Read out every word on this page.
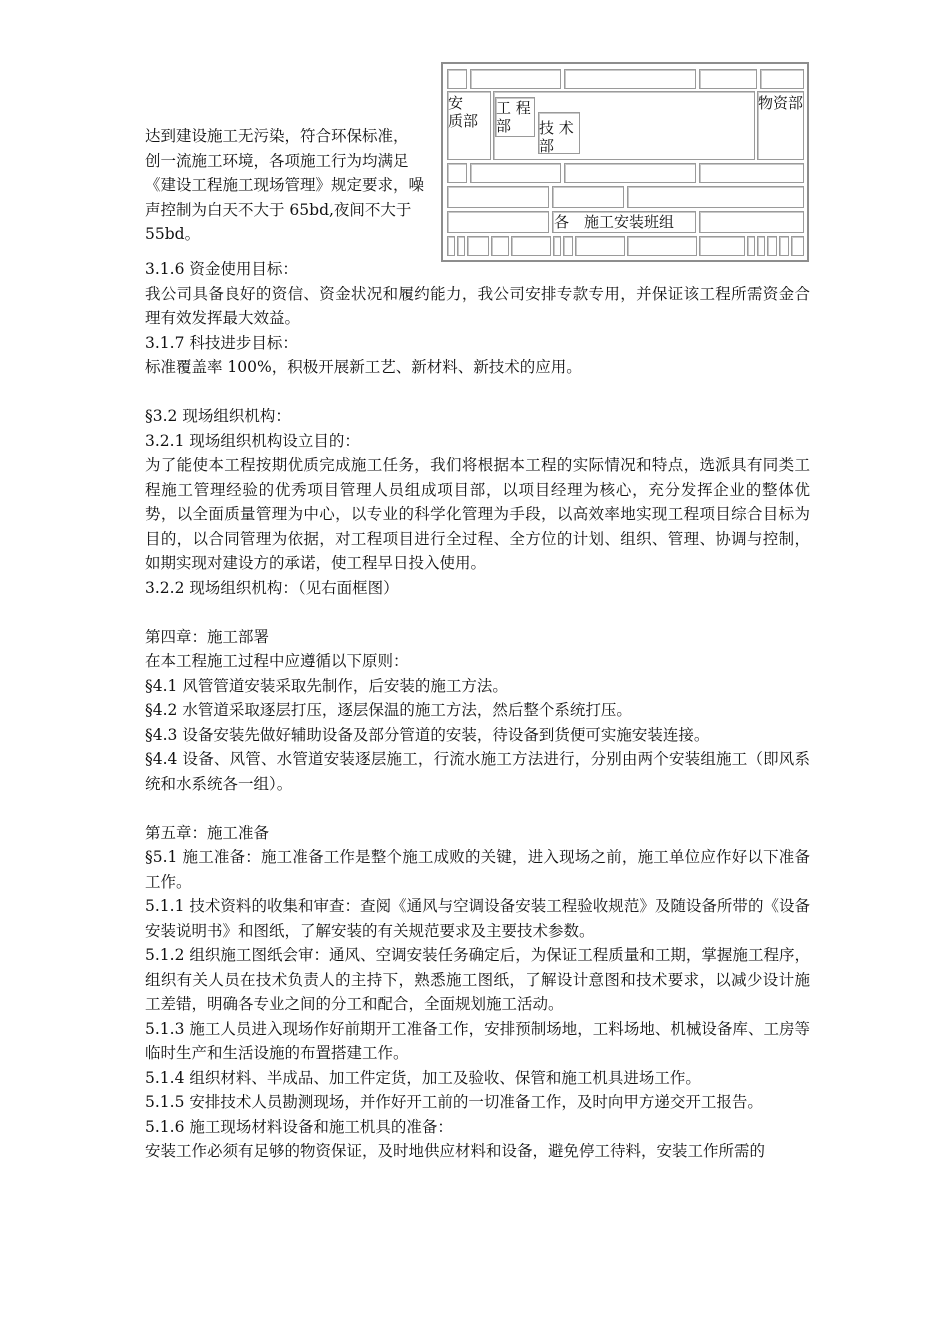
安　质部
工 程部	技 术部
物资部
各　施工安装班组
达到建设施工无污染，符合环保标准，
创一流施工环境，各项施工行为均满足
《建设工程施工现场管理》规定要求，噪
声控制为白天不大于 65bd,夜间不大于
55bd。

3.1.6 资金使用目标：

我公司具备良好的资信、资金状况和履约能力，我公司安排专款专用，并保证该工程所需资金合理有效发挥最大效益。

3.1.7 科技进步目标：

标准覆盖率 100%，积极开展新工艺、新材料、新技术的应用。

§3.2 现场组织机构：

3.2.1 现场组织机构设立目的：

为了能使本工程按期优质完成施工任务，我们将根据本工程的实际情况和特点，选派具有同类工程施工管理经验的优秀项目管理人员组成项目部，以项目经理为核心，充分发挥企业的整体优势，以全面质量管理为中心，以专业的科学化管理为手段，以高效率地实现工程项目综合目标为目的，以合同管理为依据，对工程项目进行全过程、全方位的计划、组织、管理、协调与控制，如期实现对建设方的承诺，使工程早日投入使用。

3.2.2 现场组织机构：（见右面框图）

第四章：施工部署

在本工程施工过程中应遵循以下原则：

§4.1 风管管道安装采取先制作，后安装的施工方法。

§4.2 水管道采取逐层打压，逐层保温的施工方法，然后整个系统打压。

§4.3 设备安装先做好辅助设备及部分管道的安装，待设备到货便可实施安装连接。

§4.4 设备、风管、水管道安装逐层施工，行流水施工方法进行，分别由两个安装组施工（即风系统和水系统各一组）。

第五章：施工准备

§5.1 施工准备：施工准备工作是整个施工成败的关键，进入现场之前，施工单位应作好以下准备工作。

5.1.1 技术资料的收集和审查：查阅《通风与空调设备安装工程验收规范》及随设备所带的《设备安装说明书》和图纸，了解安装的有关规范要求及主要技术参数。

5.1.2 组织施工图纸会审：通风、空调安装任务确定后，为保证工程质量和工期，掌握施工程序，组织有关人员在技术负责人的主持下，熟悉施工图纸，了解设计意图和技术要求，以减少设计施工差错，明确各专业之间的分工和配合，全面规划施工活动。

5.1.3 施工人员进入现场作好前期开工准备工作，安排预制场地，工料场地、机械设备库、工房等临时生产和生活设施的布置搭建工作。

5.1.4 组织材料、半成品、加工件定货，加工及验收、保管和施工机具进场工作。

5.1.5 安排技术人员勘测现场，并作好开工前的一切准备工作，及时向甲方递交开工报告。

5.1.6 施工现场材料设备和施工机具的准备：

安装工作必须有足够的物资保证，及时地供应材料和设备，避免停工待料，安装工作所需的
